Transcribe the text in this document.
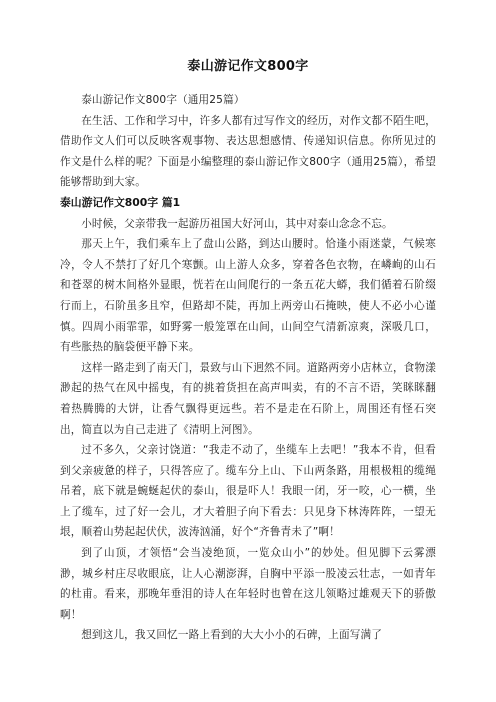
泰山游记作文800字

泰山游记作文800字（通用25篇）

在生活、工作和学习中，许多人都有过写作文的经历，对作文都不陌生吧，借助作文人们可以反映客观事物、表达思想感情、传递知识信息。你所见过的作文是什么样的呢？下面是小编整理的泰山游记作文800字（通用25篇），希望能够帮助到大家。

泰山游记作文800字 篇1

小时候，父亲带我一起游历祖国大好河山，其中对泰山念念不忘。

那天上午，我们乘车上了盘山公路，到达山腰时。恰逢小雨迷蒙，气候寒冷，令人不禁打了好几个寒颤。山上游人众多，穿着各色衣物，在嶙峋的山石和苍翠的树木间格外显眼，恍若在山间爬行的一条五花大蟒，我们循着石阶缀行而上，石阶虽多且窄，但路却不陡，再加上两旁山石掩映，使人不必小心谨慎。四周小雨霏霏，如野雾一般笼罩在山间，山间空气清新凉爽，深吸几口，有些胀热的脑袋便平静下来。

这样一路走到了南天门，景致与山下迥然不同。道路两旁小店林立，食物漾渺起的热气在风中摇曳，有的挑着货担在高声叫卖，有的不言不语，笑眯眯翻着热腾腾的大饼，让香气飘得更远些。若不是走在石阶上，周围还有怪石突出，简直以为自己走进了《清明上河图》。

过不多久，父亲讨饶道：“我走不动了，坐缆车上去吧！”我本不肯，但看到父亲疲惫的样子，只得答应了。缆车分上山、下山两条路，用根极粗的缆绳吊着，底下就是蜿蜒起伏的泰山，很是吓人！我眼一闭，牙一咬，心一横，坐上了缆车，过了好一会儿，才大着胆子向下看去：只见身下林涛阵阵，一望无垠，顺着山势起起伏伏，波涛汹涌，好个“齐鲁青未了”啊！

到了山顶，才领悟“会当凌绝顶，一览众山小”的妙处。但见脚下云雾漂渺，城乡村庄尽收眼底，让人心潮澎湃，自胸中平添一股凌云壮志，一如青年的杜甫。看来，那晚年垂泪的诗人在年轻时也曾在这儿领略过雄观天下的骄傲啊！

想到这儿，我又回忆一路上看到的大大小小的石碑，上面写满了
